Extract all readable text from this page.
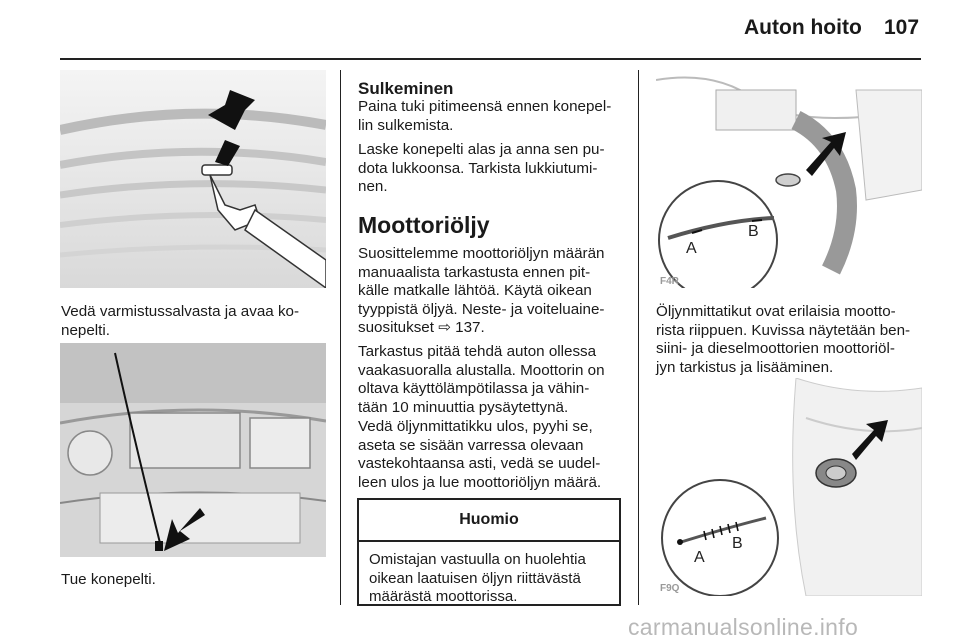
Auton hoito 107

Vedä varmistussalvasta ja avaa ko-
nepelti.

Tue konepelti.

Sulkeminen

Paina tuki pitimeensä ennen konepel-
lin sulkemista.

Laske konepelti alas ja anna sen pu-
dota lukkoonsa. Tarkista lukkiutumi-
nen.

Moottoriöljy

Suosittelemme moottoriöljyn määrän
manuaalista tarkastusta ennen pit-
källe matkalle lähtöä. Käytä oikean
tyyppistä öljyä. Neste- ja voiteluaine-
suositukset ⇨ 137.

Tarkastus pitää tehdä auton ollessa
vaakasuoralla alustalla. Moottorin on
oltava käyttölämpötilassa ja vähin-
tään 10 minuuttia pysäytettynä.

Vedä öljynmittatikku ulos, pyyhi se,
aseta se sisään varressa olevaan
vastekohtaansa asti, vedä se uudel-
leen ulos ja lue moottoriöljyn määrä.

Huomio
Omistajan vastuulla on huolehtia
oikean laatuisen öljyn riittävästä
määrästä moottorissa.
A
B
F4R

Öljynmittatikut ovat erilaisia mootto-
rista riippuen. Kuvissa näytetään ben-
siini- ja dieselmoottorien moottoriöl-
jyn tarkistus ja lisääminen.

A
B
F9Q
carmanualsonline.info
